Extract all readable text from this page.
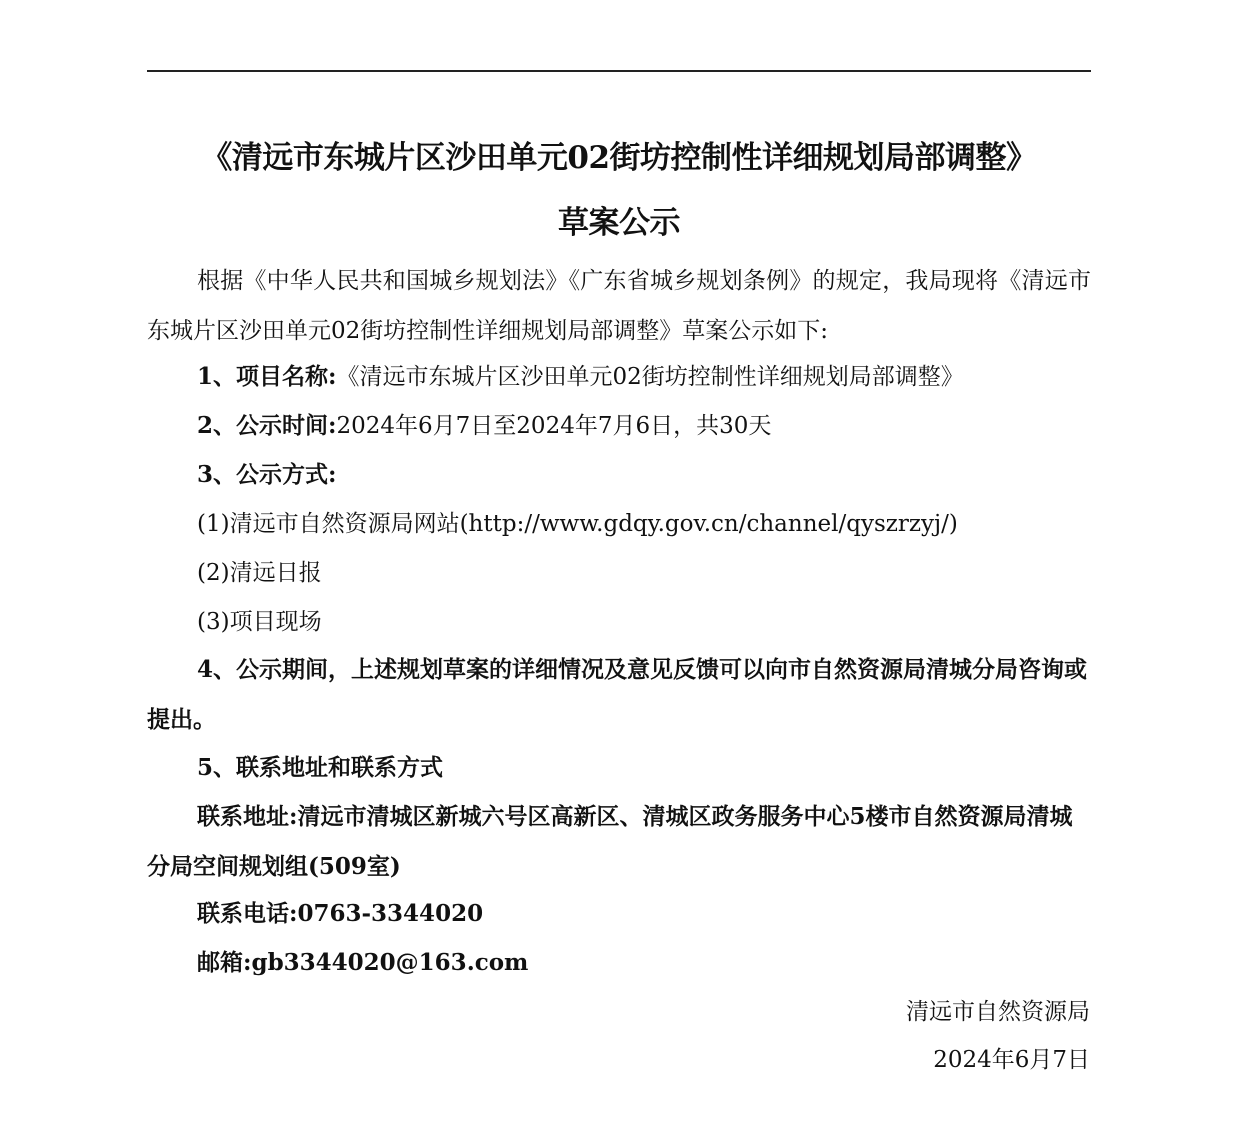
《清远市东城片区沙田单元02街坊控制性详细规划局部调整》
草案公示
根据《中华人民共和国城乡规划法》《广东省城乡规划条例》的规定，我局现将《清远市东城片区沙田单元02街坊控制性详细规划局部调整》草案公示如下:
1、项目名称:《清远市东城片区沙田单元02街坊控制性详细规划局部调整》
2、公示时间:2024年6月7日至2024年7月6日，共30天
3、公示方式:
(1)清远市自然资源局网站(http://www.gdqy.gov.cn/channel/qyszrzyj/)
(2)清远日报
(3)项目现场
4、公示期间，上述规划草案的详细情况及意见反馈可以向市自然资源局清城分局咨询或提出。
5、联系地址和联系方式
联系地址:清远市清城区新城六号区高新区、清城区政务服务中心5楼市自然资源局清城分局空间规划组(509室)
联系电话:0763-3344020
邮箱:gb3344020@163.com
清远市自然资源局
2024年6月7日
